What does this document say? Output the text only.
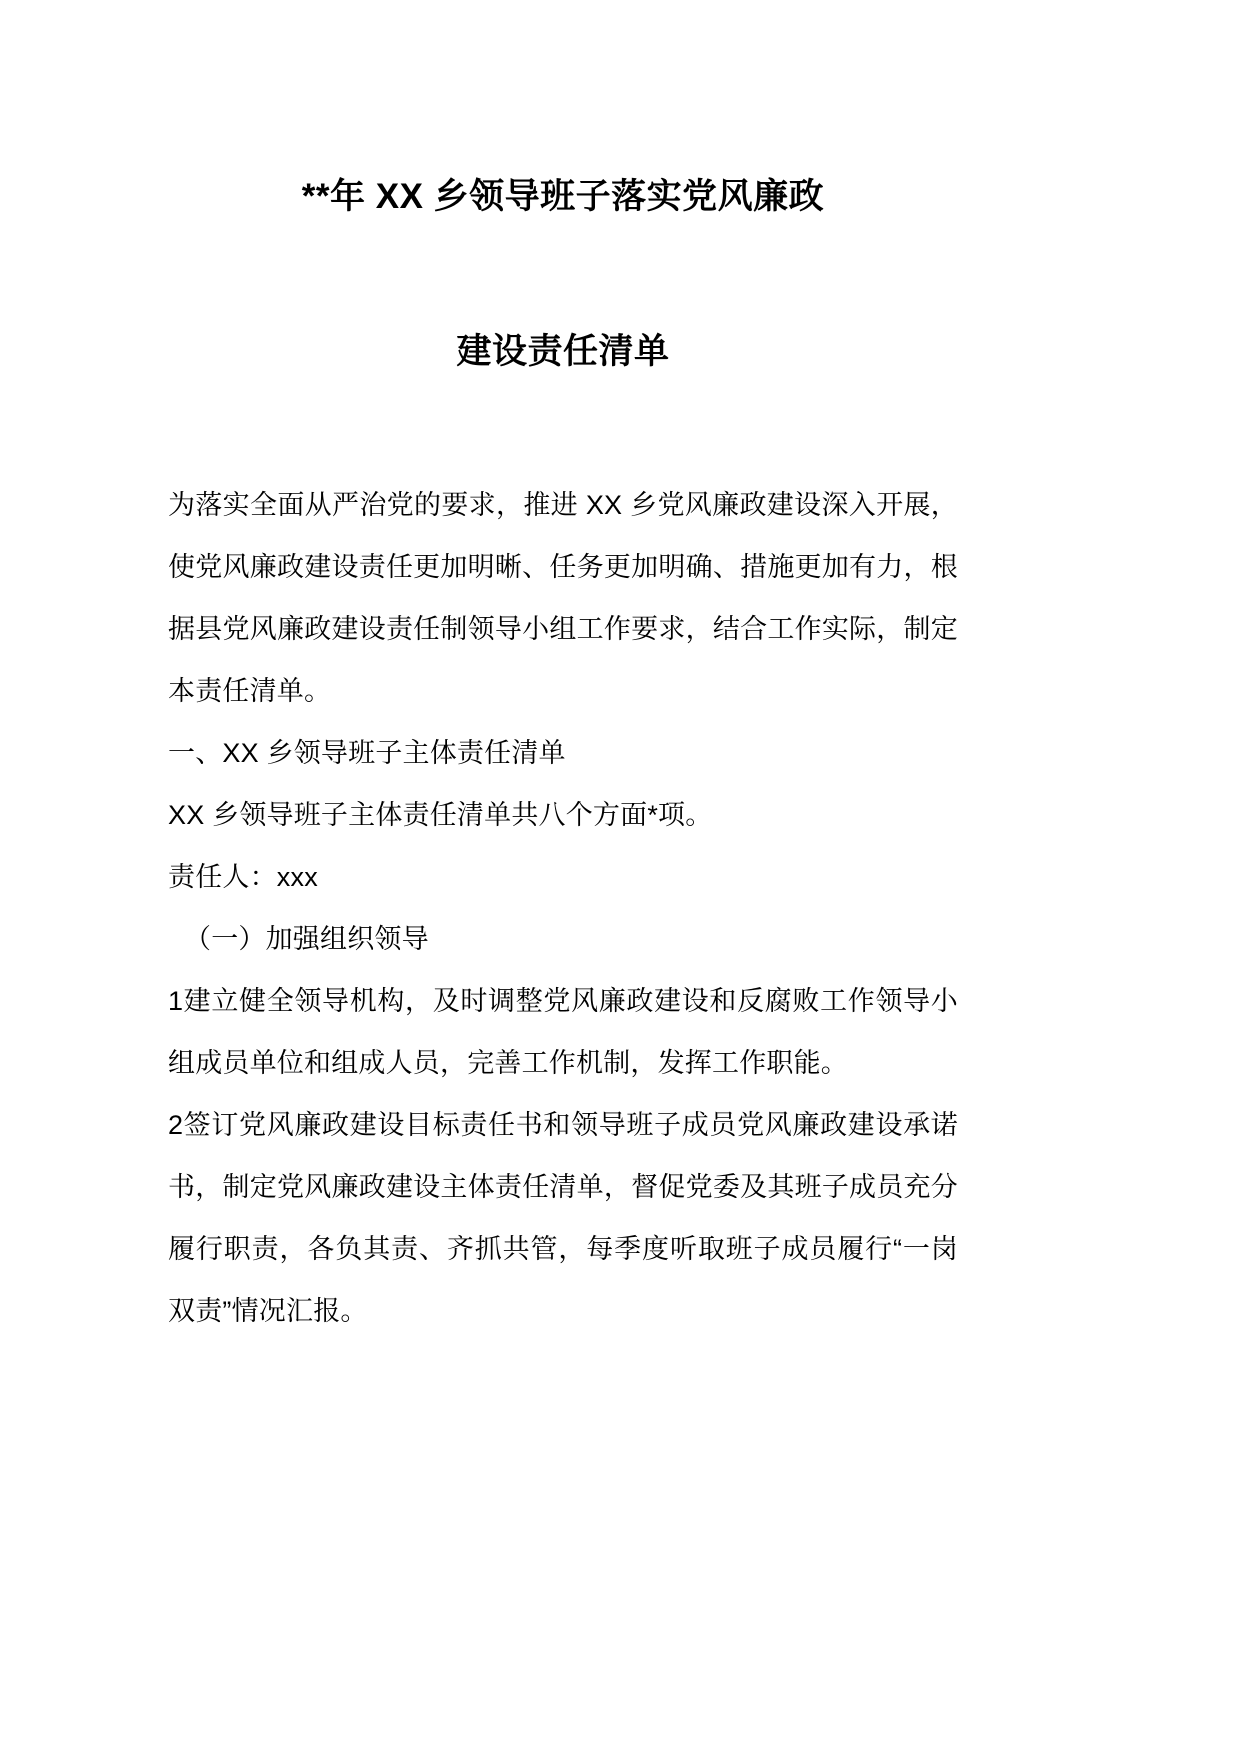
**年 XX 乡领导班子落实党风廉政
建设责任清单

为落实全面从严治党的要求，推进 XX 乡党风廉政建设深入开展，使党风廉政建设责任更加明晰、任务更加明确、措施更加有力，根据县党风廉政建设责任制领导小组工作要求，结合工作实际，制定本责任清单。

一、XX 乡领导班子主体责任清单

XX 乡领导班子主体责任清单共八个方面*项。

责任人：xxx

（一）加强组织领导

1建立健全领导机构，及时调整党风廉政建设和反腐败工作领导小组成员单位和组成人员，完善工作机制，发挥工作职能。

2签订党风廉政建设目标责任书和领导班子成员党风廉政建设承诺书，制定党风廉政建设主体责任清单，督促党委及其班子成员充分履行职责，各负其责、齐抓共管，每季度听取班子成员履行“一岗双责”情况汇报。
